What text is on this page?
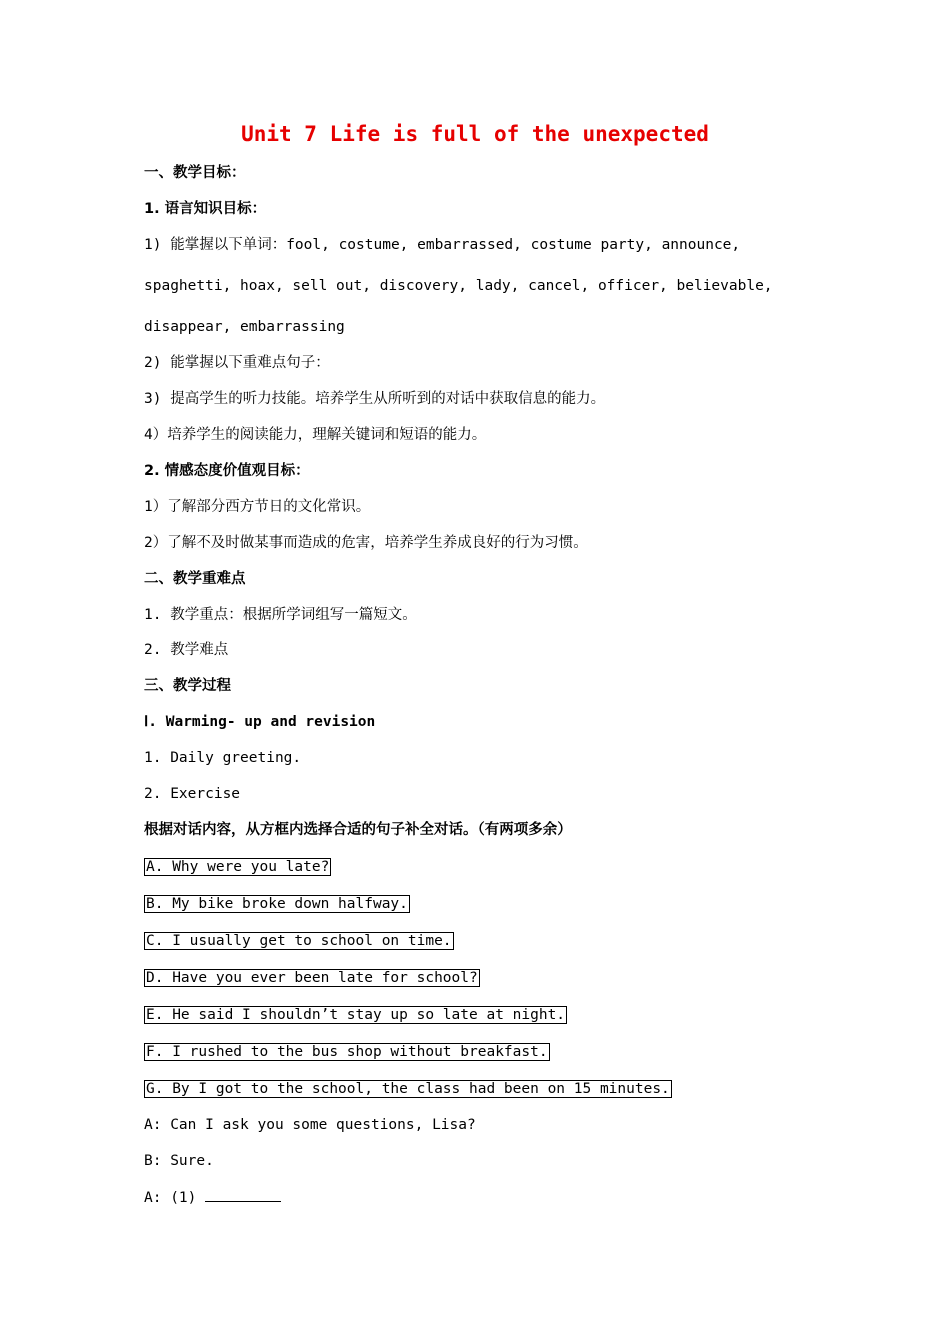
Unit 7 Life is full of the unexpected
一、教学目标：
1. 语言知识目标：
1) 能掌握以下单词：fool, costume, embarrassed, costume party, announce,
spaghetti, hoax, sell out, discovery, lady, cancel, officer, believable,
disappear, embarrassing
2) 能掌握以下重难点句子：
3) 提高学生的听力技能。培养学生从所听到的对话中获取信息的能力。
4）培养学生的阅读能力，理解关键词和短语的能力。
2. 情感态度价值观目标：
1）了解部分西方节日的文化常识。
2）了解不及时做某事而造成的危害，培养学生养成良好的行为习惯。
二、教学重难点
1. 教学重点：根据所学词组写一篇短文。
2. 教学难点
三、教学过程
Ⅰ. Warming- up and revision
1. Daily greeting.
2. Exercise
根据对话内容，从方框内选择合适的句子补全对话。（有两项多余）
A. Why were you late?
B. My bike broke down halfway.
C. I usually get to school on time.
D. Have you ever been late for school?
E. He said I shouldn’t stay up so late at night.
F. I rushed to the bus shop without breakfast.
G. By I got to the school, the class had been on 15 minutes.
A: Can I ask you some questions, Lisa?
B: Sure.
A: (1)
